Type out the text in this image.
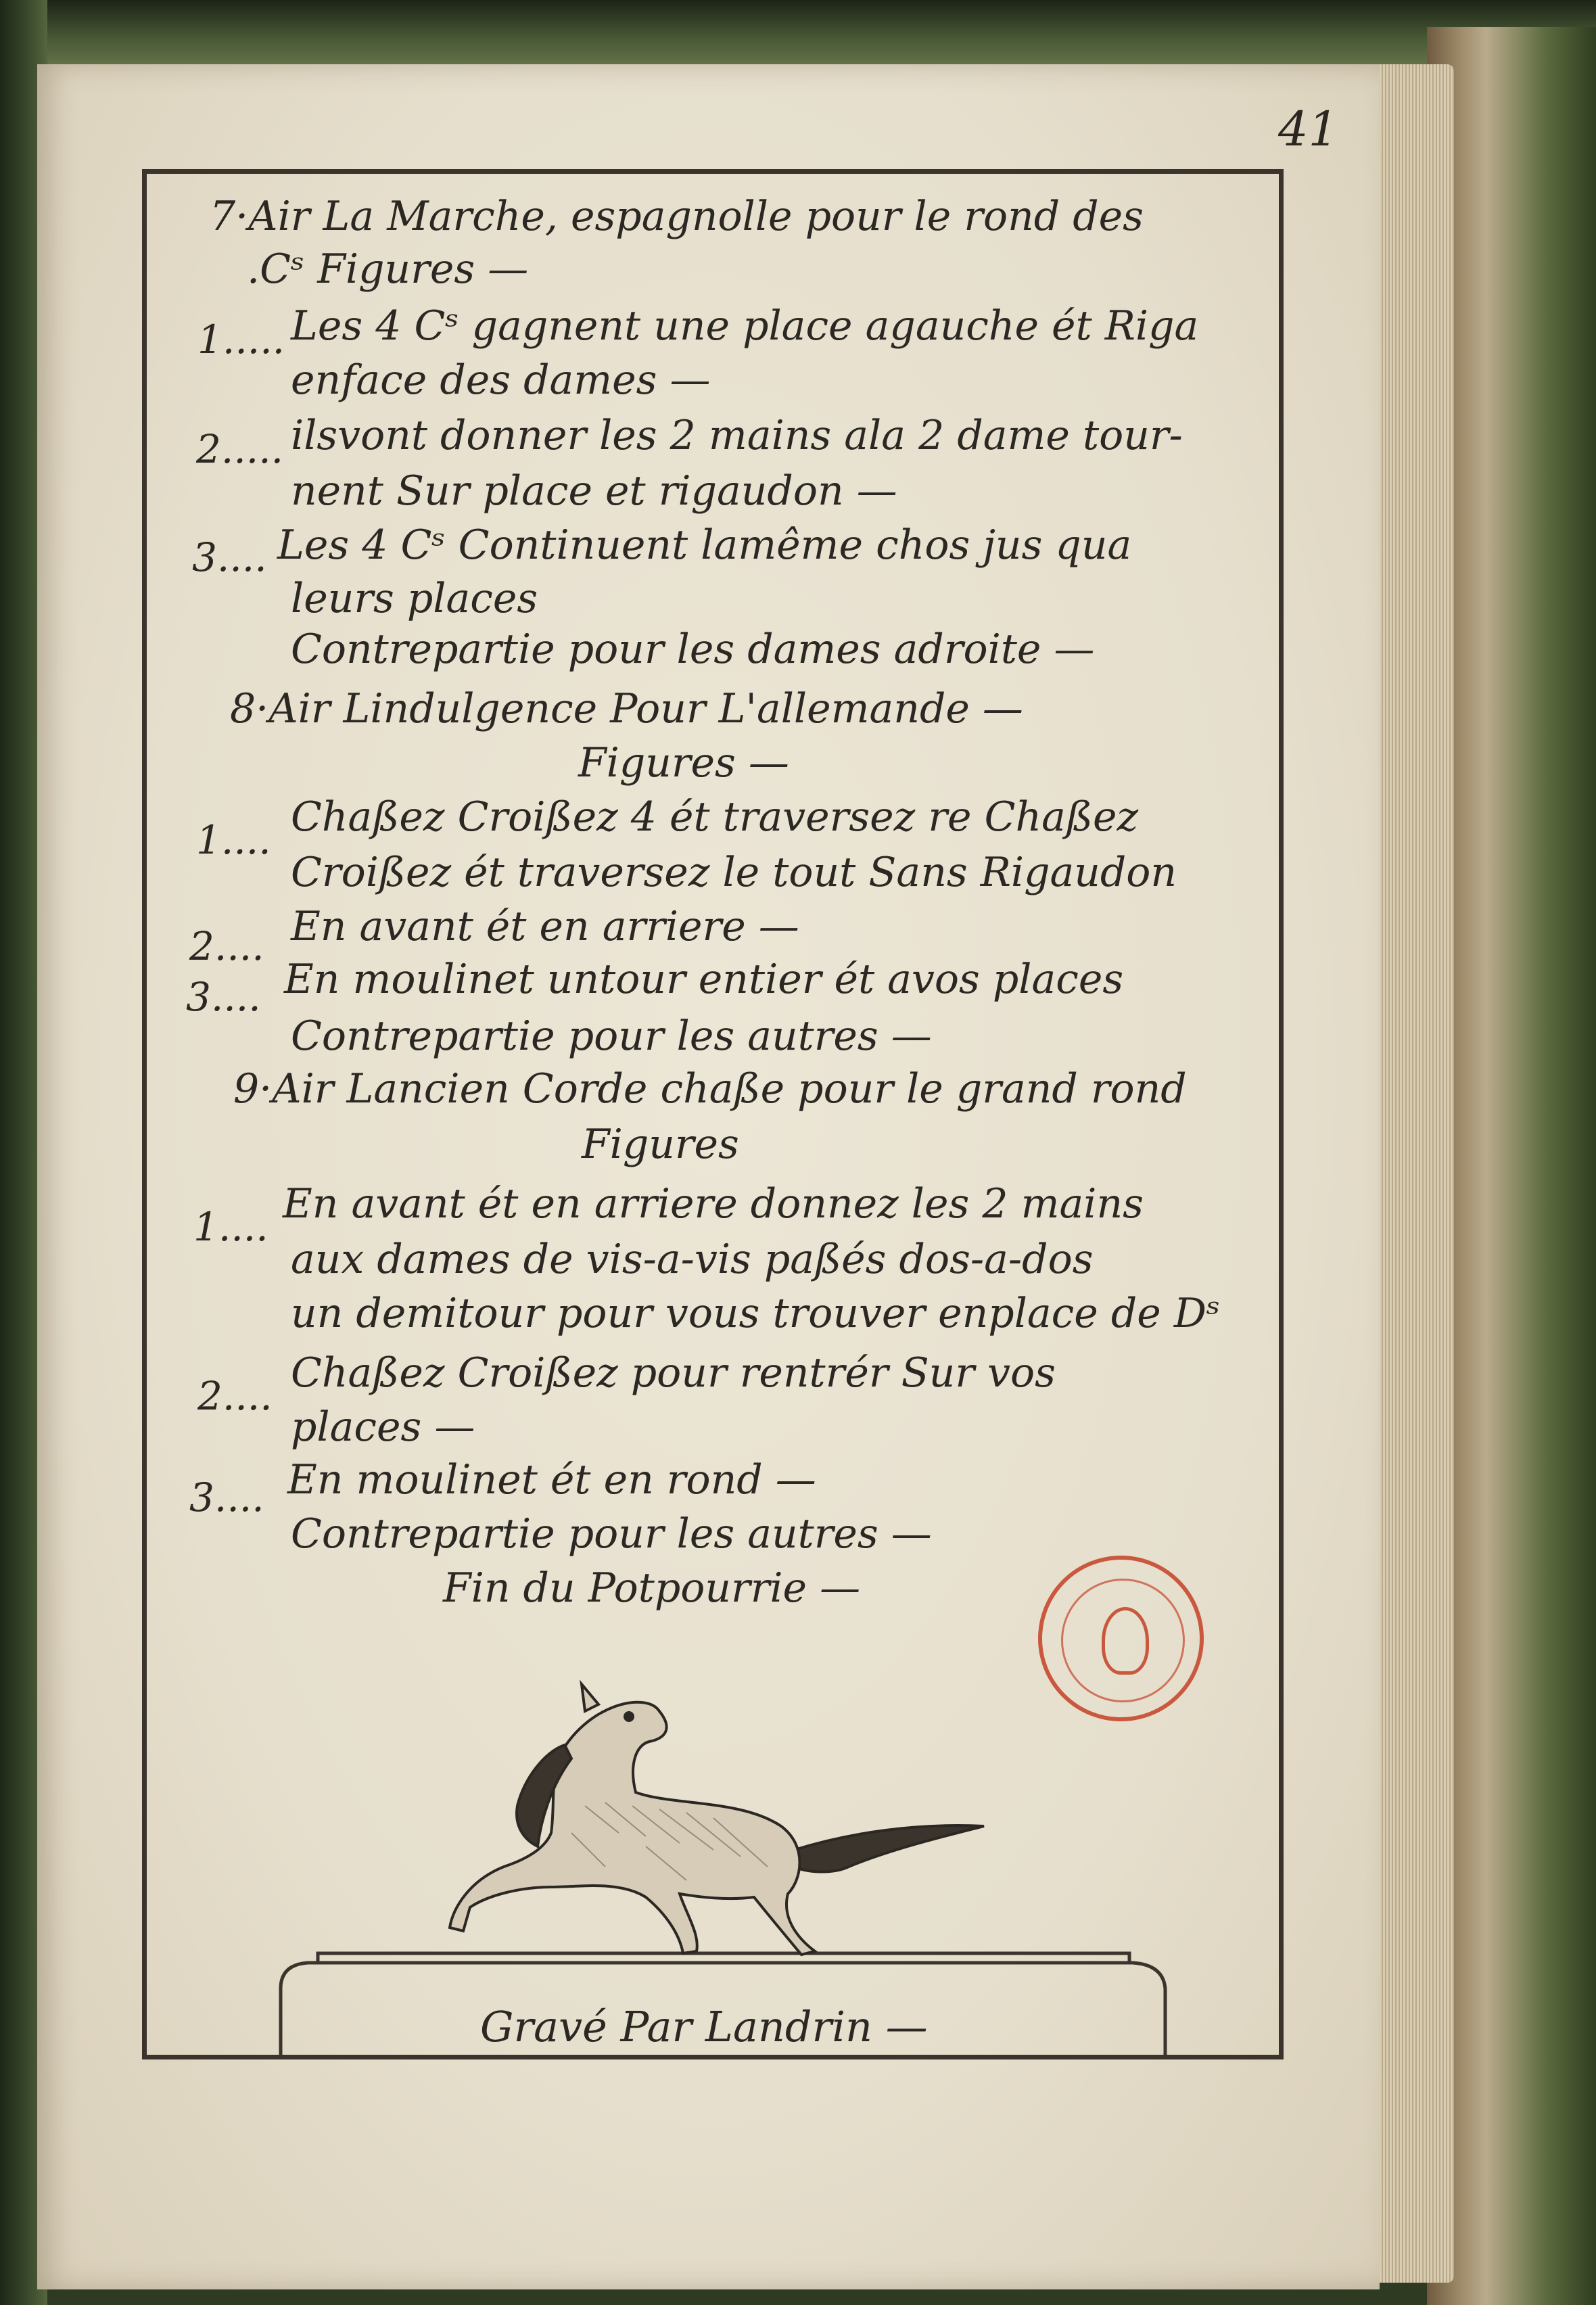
41
7·Air La Marche, espagnolle pour le rond des
.Cˢ Figures —
1..... Les 4 Cˢ gagnent une place agauche ét Riga
enface des dames —
2..... ilsvont donner les 2 mains ala 2 dame tour-
nent Sur place et rigaudon —
3.... Les 4 Cˢ Continuent lamême chos jus qua
leurs places
Contrepartie pour les dames adroite —
8·Air Lindulgence Pour L'allemande —
Figures —
1.... Chaßez Croißez 4 ét traversez re Chaßez
Croißez ét traversez le tout Sans Rigaudon
2.... En avant ét en arriere —
3.... En moulinet untour entier ét avos places
Contrepartie pour les autres —
9·Air Lancien Corde chaße pour le grand rond
Figures
1.... En avant ét en arriere donnez les 2 mains
aux dames de vis-a-vis paßés dos-a-dos
un demitour pour vous trouver enplace de Dˢ
2.... Chaßez Croißez pour rentrér Sur vos
places —
3.... En moulinet ét en rond —
Contrepartie pour les autres —
Fin du Potpourrie —
Gravé Par Landrin —
